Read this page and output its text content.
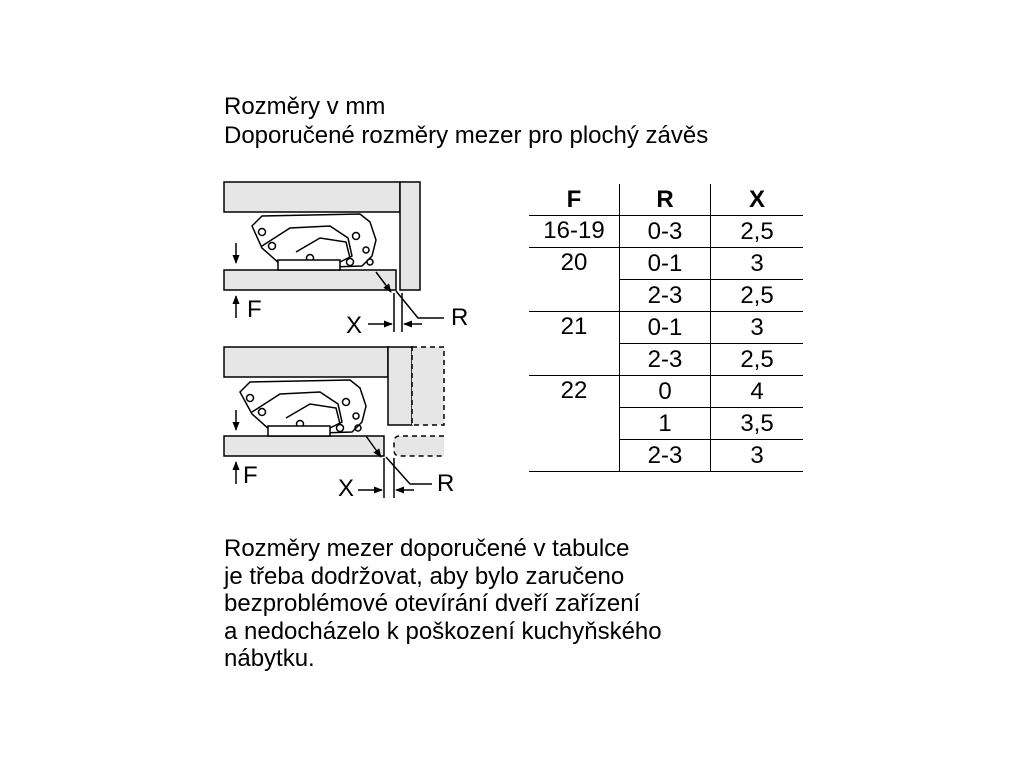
Rozměry v mm
Doporučené rozměry mezer pro plochý závěs
F
X	R
F	X	R
F	R	X
16-19	0-3	2,5
20	0-1	3
	2-3	2,5
21	0-1	3
	2-3	2,5
22	0	4
	1	3,5
	2-3	3
Rozměry mezer doporučené v tabulce
je třeba dodržovat, aby bylo zaručeno
bezproblémové otevírání dveří zařízení
a nedocházelo k poškození kuchyňského
nábytku.
